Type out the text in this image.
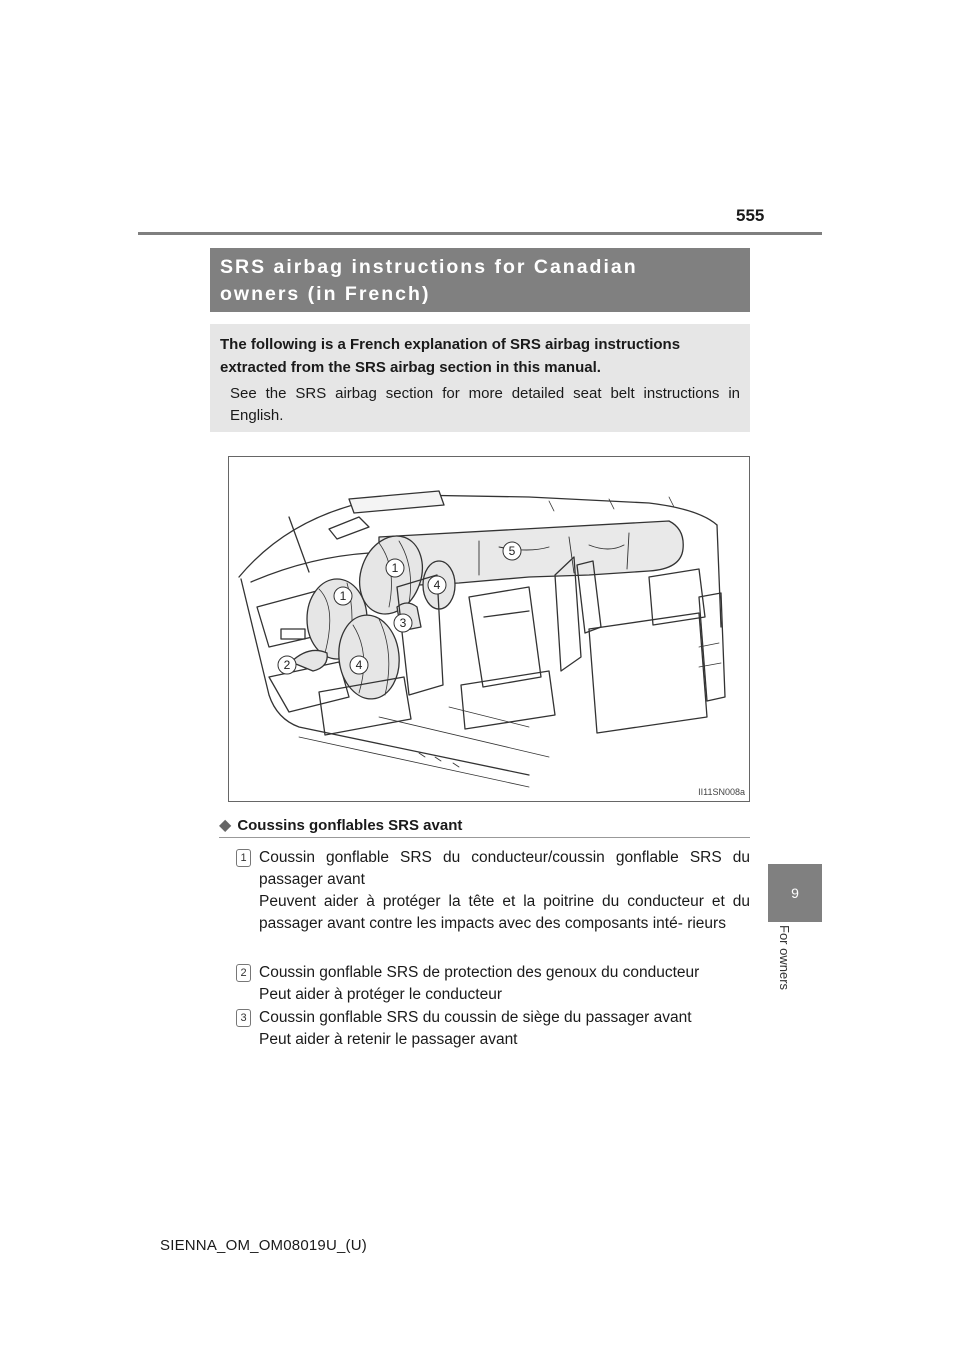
555
9
For owners
SRS airbag instructions for Canadian
owners (in French)

The following is a French explanation of SRS airbag instructions extracted from the SRS airbag section in this manual.

See the SRS airbag section for more detailed seat belt instructions in English.

1
1
2
3
4
4
5
II11SN008a
◆ Coussins gonflables SRS avant
1 Coussin gonflable SRS du conducteur/coussin gonflable SRS du passager avant

Peuvent aider à protéger la tête et la poitrine du conducteur et du passager avant contre les impacts avec des composants inté- rieurs

2 Coussin gonflable SRS de protection des genoux du conducteur

Peut aider à protéger le conducteur

3 Coussin gonflable SRS du coussin de siège du passager avant

Peut aider à retenir le passager avant

SIENNA_OM_OM08019U_(U)
